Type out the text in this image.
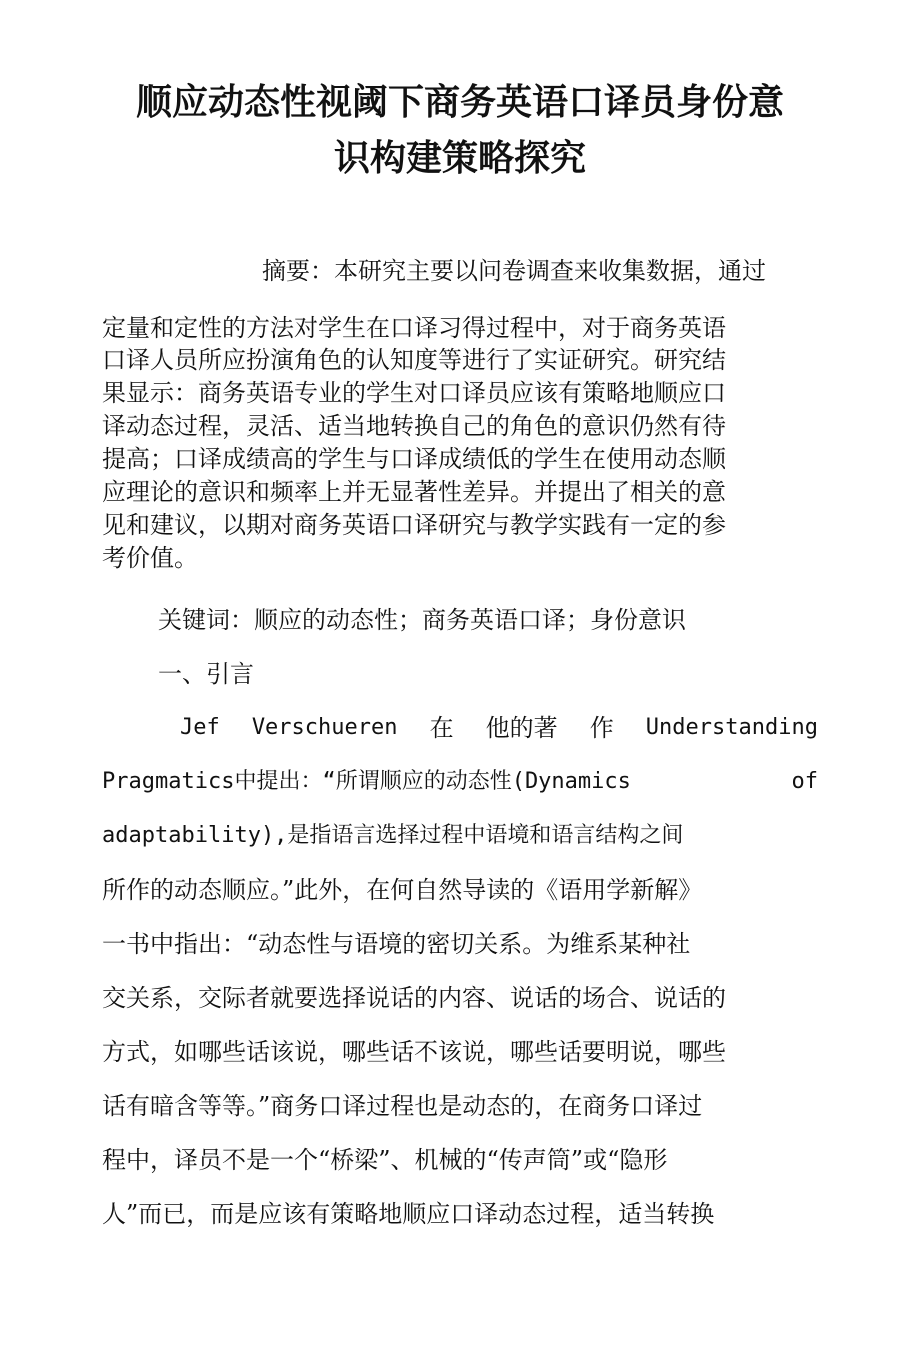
顺应动态性视阈下商务英语口译员身份意
识构建策略探究

摘要：本研究主要以问卷调查来收集数据，通过

定量和定性的方法对学生在口译习得过程中，对于商务英语

口译人员所应扮演角色的认知度等进行了实证研究。研究结

果显示：商务英语专业的学生对口译员应该有策略地顺应口

译动态过程，灵活、适当地转换自己的角色的意识仍然有待

提高；口译成绩高的学生与口译成绩低的学生在使用动态顺

应理论的意识和频率上并无显著性差异。并提出了相关的意

见和建议，以期对商务英语口译研究与教学实践有一定的参

考价值。

关键词：顺应的动态性；商务英语口译；身份意识

一、引言

Jef Verschueren 在 他的著 作 Understanding

Pragmatics中提出：“所谓顺应的动态性(Dynamics	of

adaptability),是指语言选择过程中语境和语言结构之间

所作的动态顺应。”此外，在何自然导读的《语用学新解》

一书中指出：“动态性与语境的密切关系。为维系某种社

交关系，交际者就要选择说话的内容、说话的场合、说话的

方式，如哪些话该说，哪些话不该说，哪些话要明说，哪些

话有暗含等等。”商务口译过程也是动态的，在商务口译过

程中，译员不是一个“桥梁”、机械的“传声筒”或“隐形

人”而已，而是应该有策略地顺应口译动态过程，适当转换
